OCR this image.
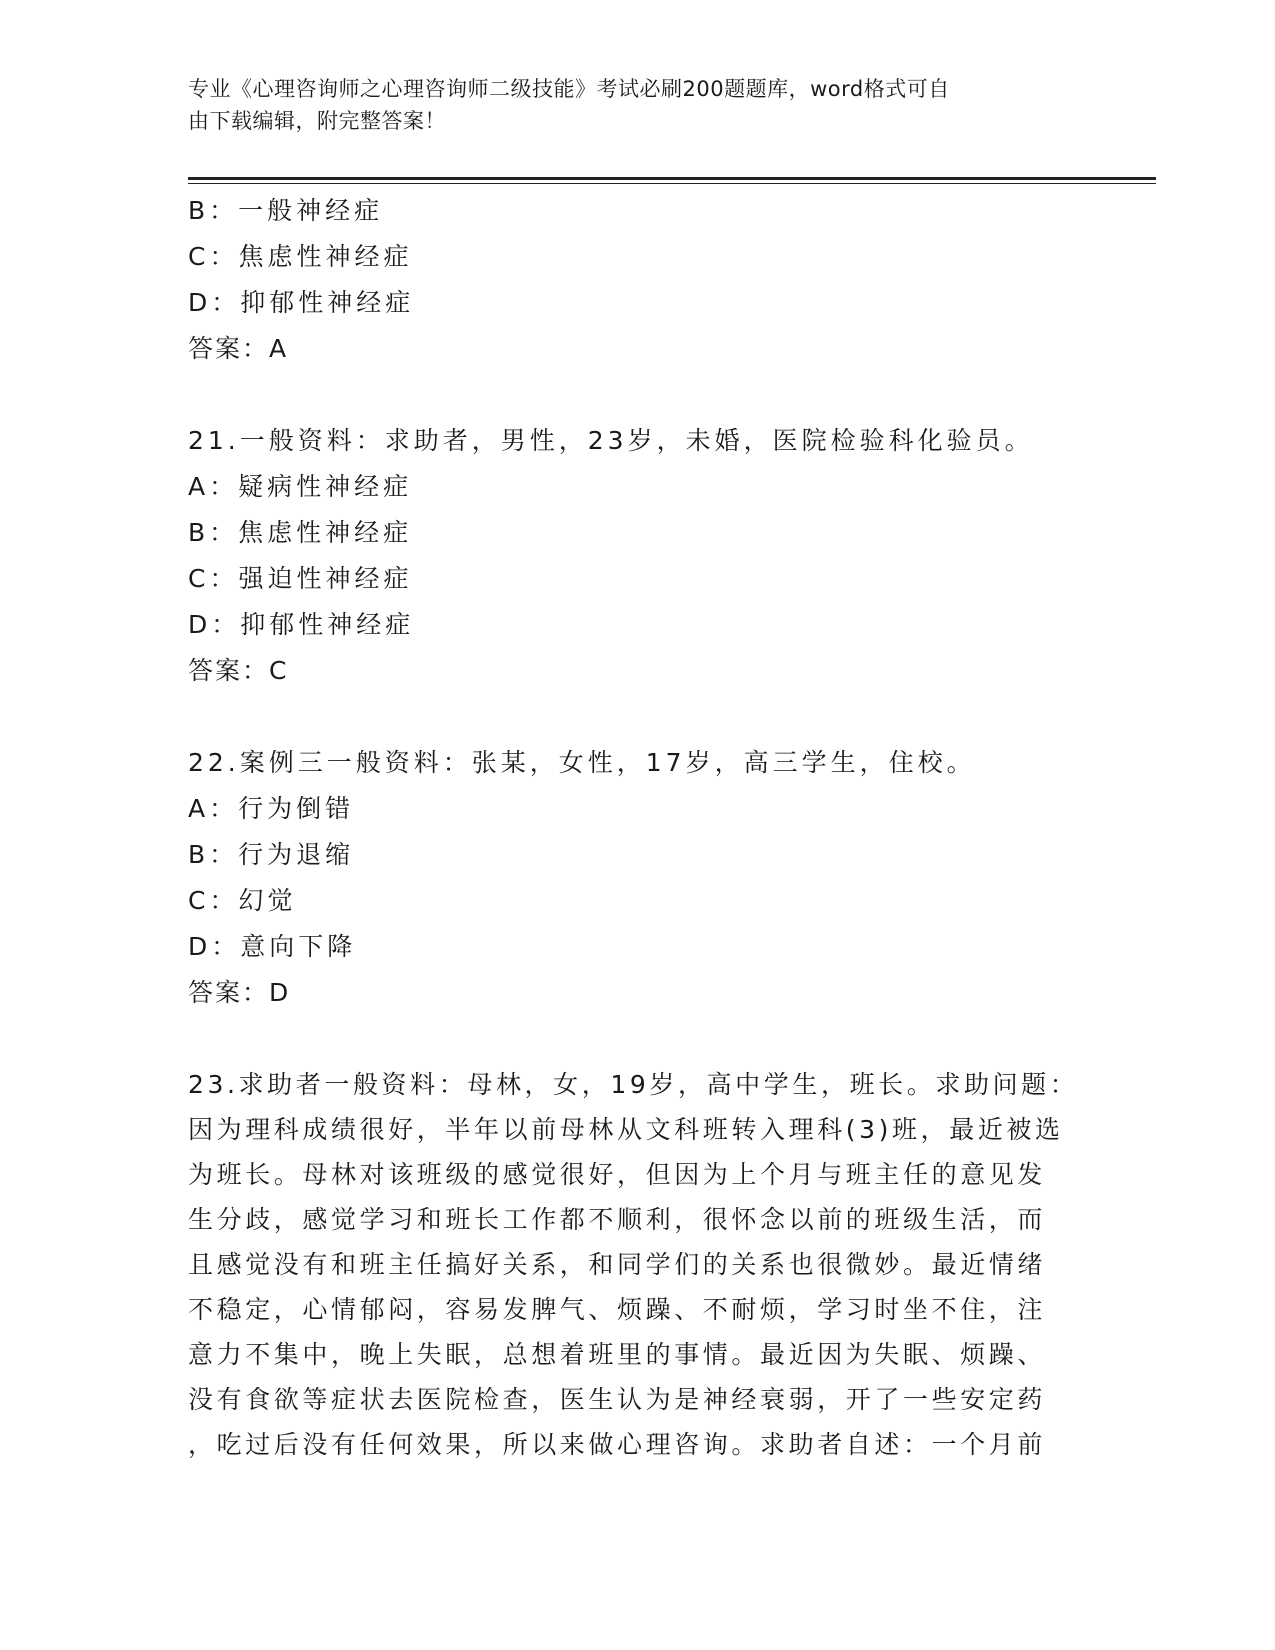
专业《心理咨询师之心理咨询师二级技能》考试必刷200题题库，word格式可自
由下载编辑，附完整答案！
B：一般神经症
C：焦虑性神经症
D：抑郁性神经症
答案：A
21.一般资料：求助者，男性，23岁，未婚，医院检验科化验员。
A：疑病性神经症
B：焦虑性神经症
C：强迫性神经症
D：抑郁性神经症
答案：C
22.案例三一般资料：张某，女性，17岁，高三学生，住校。
A：行为倒错
B：行为退缩
C：幻觉
D：意向下降
答案：D
23.求助者一般资料：母林，女，19岁，高中学生，班长。求助问题：
因为理科成绩很好，半年以前母林从文科班转入理科(3)班，最近被选
为班长。母林对该班级的感觉很好，但因为上个月与班主任的意见发
生分歧，感觉学习和班长工作都不顺利，很怀念以前的班级生活，而
且感觉没有和班主任搞好关系，和同学们的关系也很微妙。最近情绪
不稳定，心情郁闷，容易发脾气、烦躁、不耐烦，学习时坐不住，注
意力不集中，晚上失眠，总想着班里的事情。最近因为失眠、烦躁、
没有食欲等症状去医院检查，医生认为是神经衰弱，开了一些安定药
，吃过后没有任何效果，所以来做心理咨询。求助者自述：一个月前
